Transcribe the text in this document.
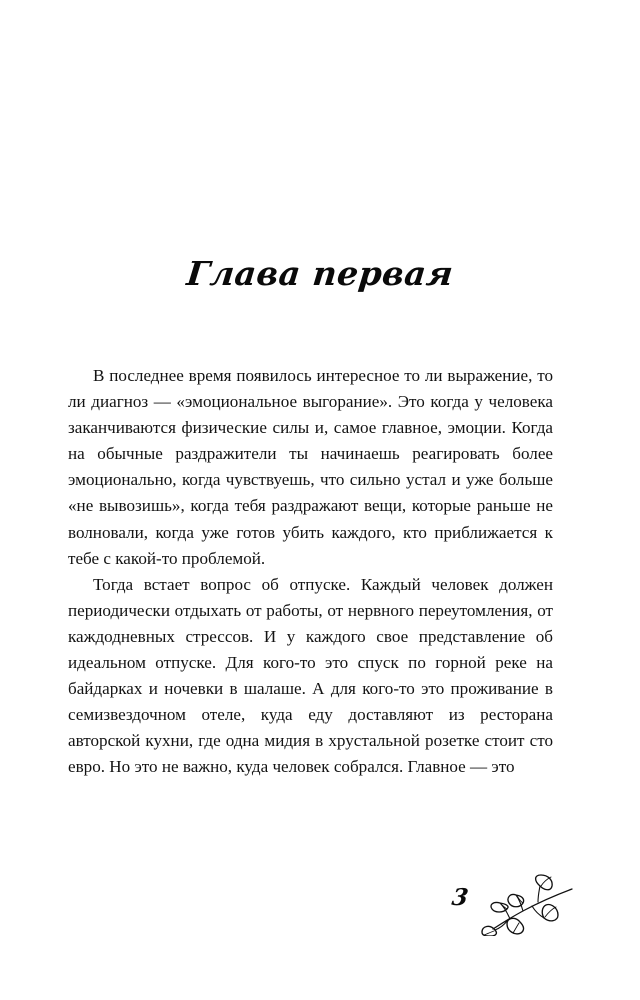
Глава первая

В последнее время появилось интересное то ли выражение, то ли диагноз — «эмоциональное выгорание». Это когда у человека заканчиваются физические силы и, самое главное, эмоции. Когда на обычные раздражители ты начинаешь реагировать более эмоционально, когда чувствуешь, что сильно устал и уже больше «не вывозишь», когда тебя раздражают вещи, которые раньше не волновали, когда уже готов убить каждого, кто приближается к тебе с какой-то проблемой.

Тогда встает вопрос об отпуске. Каждый человек должен периодически отдыхать от работы, от нервного переутомления, от каждодневных стрессов. И у каждого свое представление об идеальном отпуске. Для кого-то это спуск по горной реке на байдарках и ночевки в шалаше. А для кого-то это проживание в семизвездочном отеле, куда еду доставляют из ресторана авторской кухни, где одна мидия в хрустальной розетке стоит сто евро. Но это не важно, куда человек собрался. Главное — это

3
